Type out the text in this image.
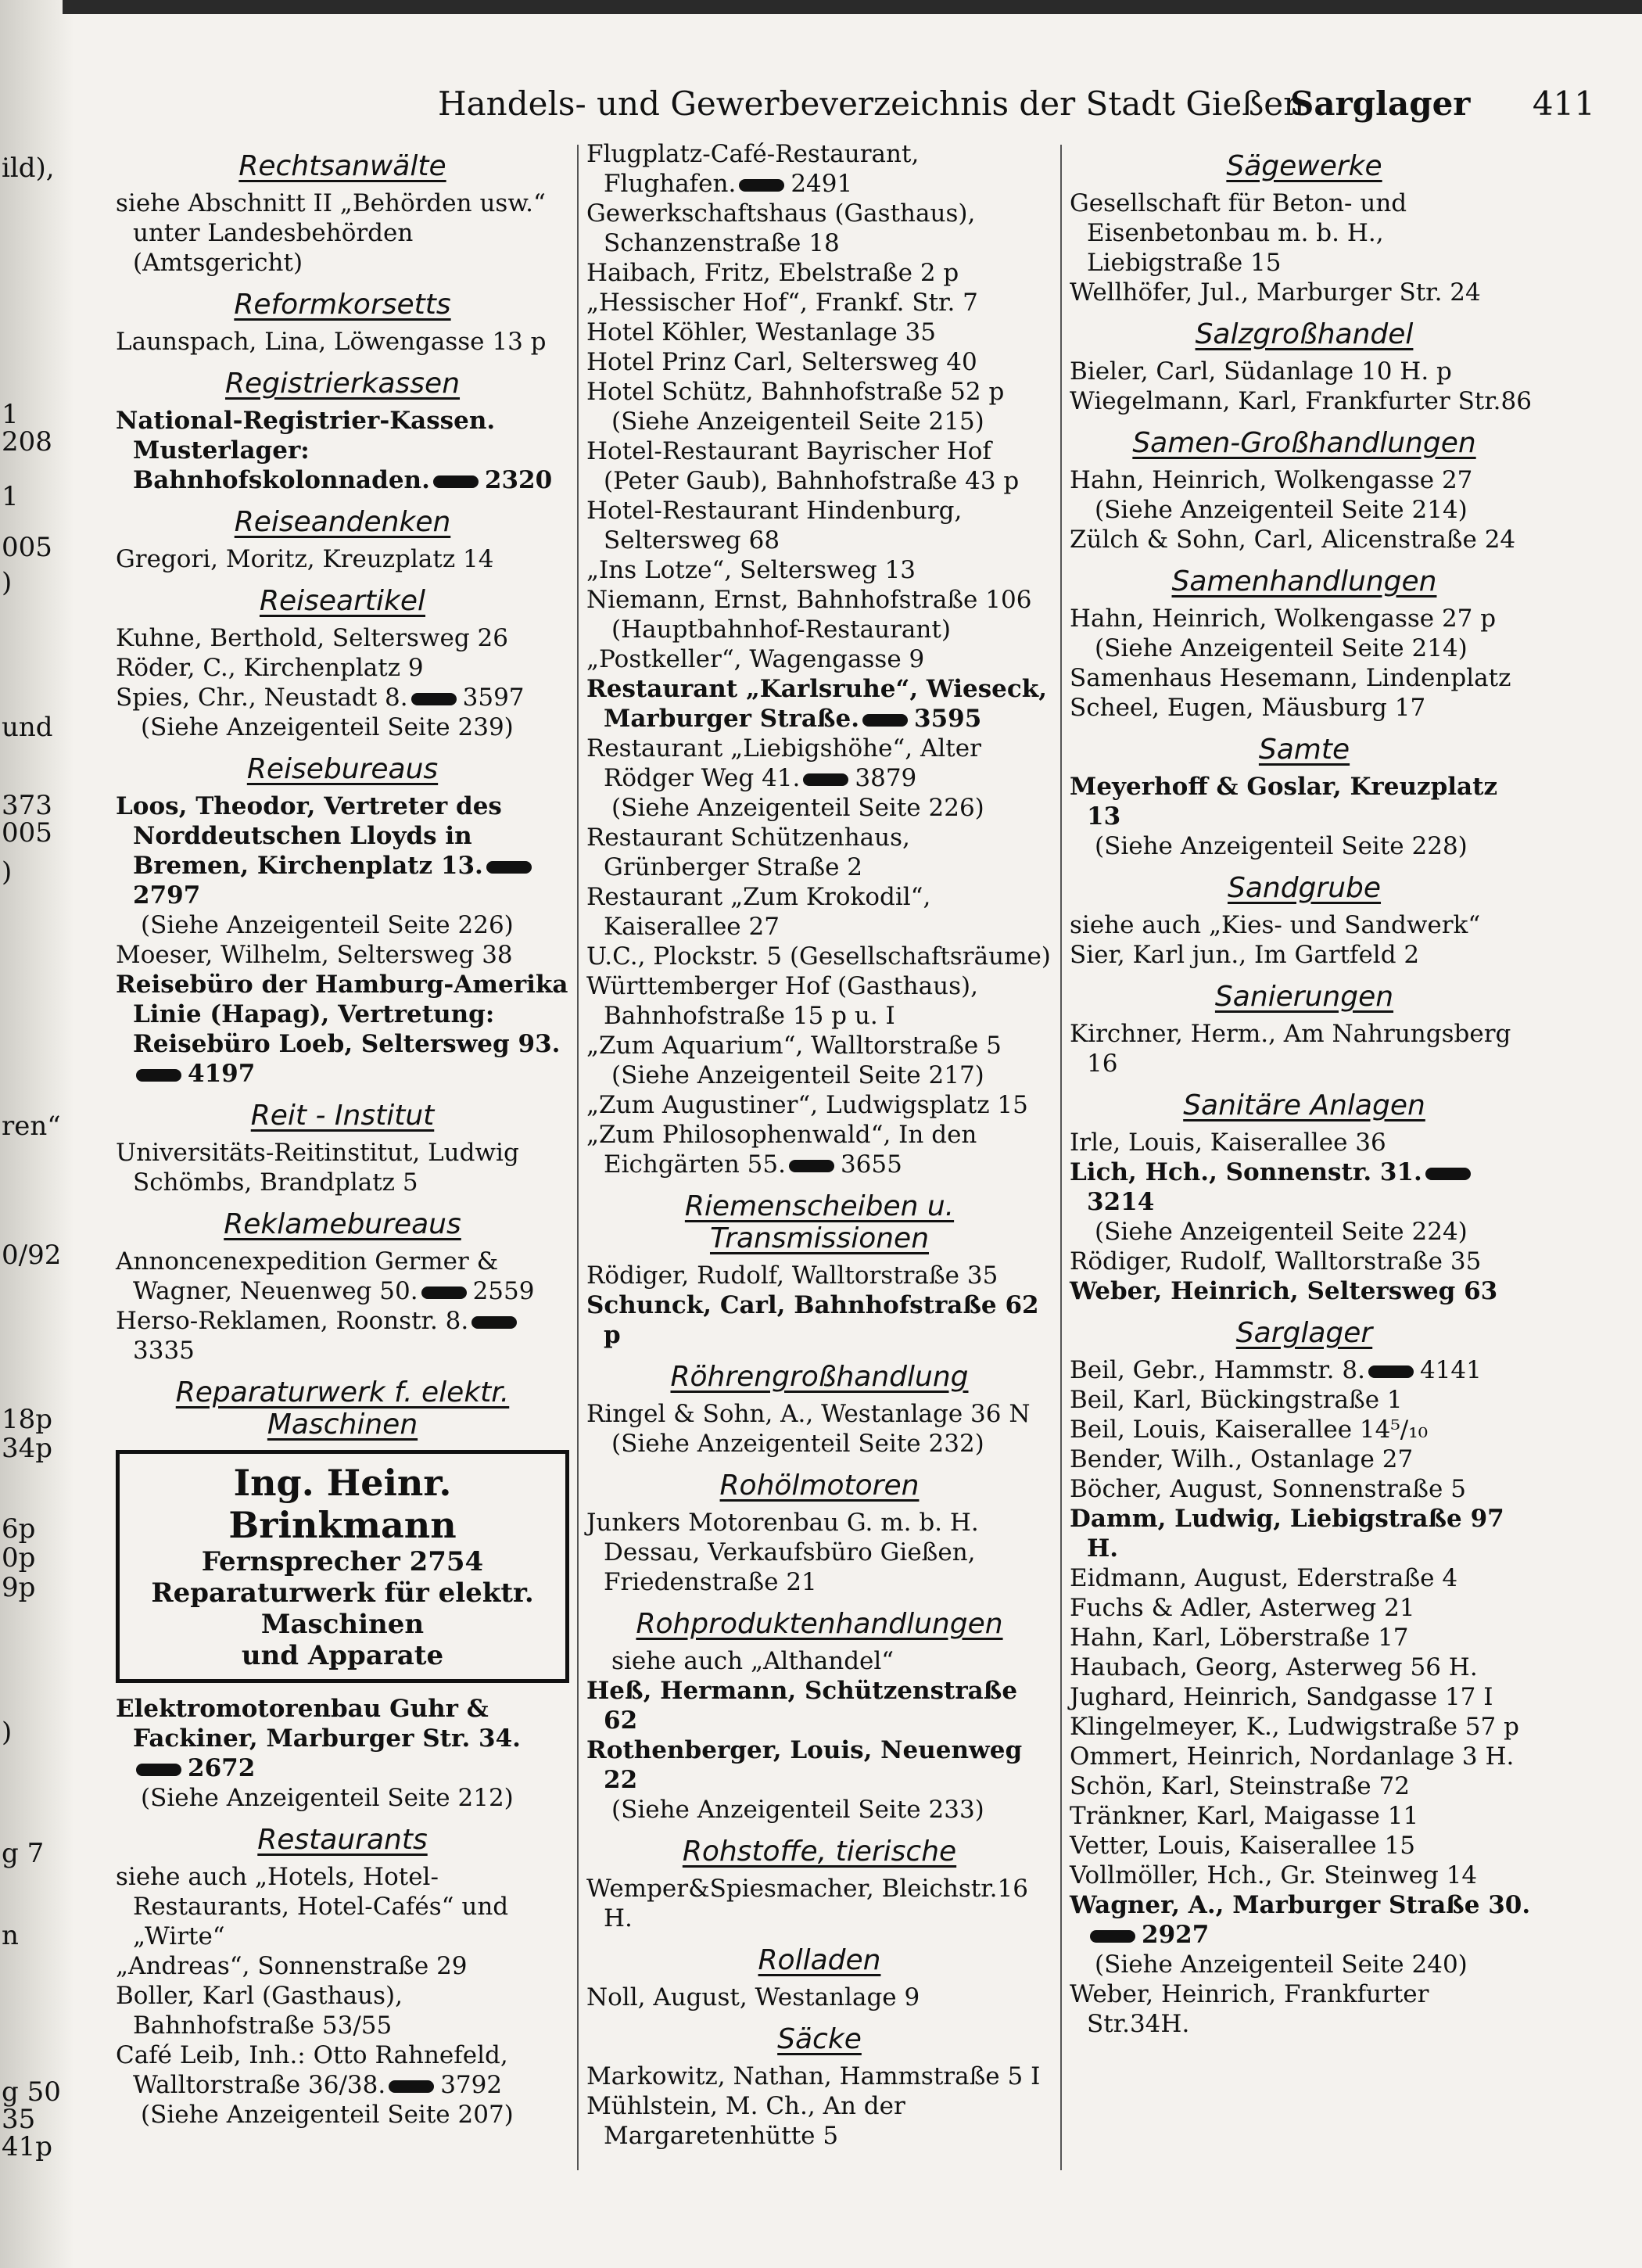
ild),
1
208
1
005
)
und
373
005
)
ren“
0/92
18p
34p
6p
0p
9p
)
g 7
n
g 50
35
41p
Handels- und Gewerbeverzeichnis der Stadt Gießen
Sarglager 411
Rechtsanwälte
siehe Abschnitt II „Behörden usw.“ unter Landesbehörden (Amtsgericht)
Reformkorsetts
Launspach, Lina, Löwengasse 13 p
Registrierkassen
National-Registrier-Kassen. Musterlager: Bahnhofskolonnaden. 2320
Reiseandenken
Gregori, Moritz, Kreuzplatz 14
Reiseartikel
Kuhne, Berthold, Seltersweg 26
Röder, C., Kirchenplatz 9
Spies, Chr., Neustadt 8. 3597
(Siehe Anzeigenteil Seite 239)
Reisebureaus
Loos, Theodor, Vertreter des Norddeutschen Lloyds in Bremen, Kirchenplatz 13.2797
(Siehe Anzeigenteil Seite 226)
Moeser, Wilhelm, Seltersweg 38
Reisebüro der Hamburg-Amerika Linie (Hapag), Vertretung: Reisebüro Loeb, Seltersweg 93.4197
Reit - Institut
Universitäts-Reitinstitut, Ludwig Schömbs, Brandplatz 5
Reklamebureaus
Annoncenexpedition Germer & Wagner, Neuenweg 50. 2559
Herso-Reklamen, Roonstr. 8.3335
Reparaturwerk f. elektr. Maschinen
Ing. Heinr. Brinkmann
Fernsprecher 2754
Reparaturwerk für elektr. Maschinen
und Apparate
Elektromotorenbau Guhr & Fackiner, Marburger Str. 34.2672
(Siehe Anzeigenteil Seite 212)
Restaurants
siehe auch „Hotels, Hotel-Restaurants, Hotel-Cafés“ und „Wirte“
„Andreas“, Sonnenstraße 29
Boller, Karl (Gasthaus), Bahnhofstraße 53/55
Café Leib, Inh.: Otto Rahnefeld, Walltorstraße 36/38. 3792
(Siehe Anzeigenteil Seite 207)
Flugplatz-Café-Restaurant, Flughafen. 2491
Gewerkschaftshaus (Gasthaus), Schanzenstraße 18
Haibach, Fritz, Ebelstraße 2 p
„Hessischer Hof“, Frankf. Str. 7
Hotel Köhler, Westanlage 35
Hotel Prinz Carl, Seltersweg 40
Hotel Schütz, Bahnhofstraße 52 p
(Siehe Anzeigenteil Seite 215)
Hotel-Restaurant Bayrischer Hof (Peter Gaub), Bahnhofstraße 43 p
Hotel-Restaurant Hindenburg, Seltersweg 68
„Ins Lotze“, Seltersweg 13
Niemann, Ernst, Bahnhofstraße 106
(Hauptbahnhof-Restaurant)
„Postkeller“, Wagengasse 9
Restaurant „Karlsruhe“, Wieseck, Marburger Straße. 3595
Restaurant „Liebigshöhe“, Alter Rödger Weg 41. 3879
(Siehe Anzeigenteil Seite 226)
Restaurant Schützenhaus, Grünberger Straße 2
Restaurant „Zum Krokodil“, Kaiserallee 27
U.C., Plockstr. 5 (Gesellschaftsräume)
Württemberger Hof (Gasthaus), Bahnhofstraße 15 p u. I
„Zum Aquarium“, Walltorstraße 5
(Siehe Anzeigenteil Seite 217)
„Zum Augustiner“, Ludwigsplatz 15
„Zum Philosophenwald“, In den Eichgärten 55. 3655
Riemenscheiben u. Transmissionen
Rödiger, Rudolf, Walltorstraße 35
Schunck, Carl, Bahnhofstraße 62 p
Röhrengroßhandlung
Ringel & Sohn, A., Westanlage 36 N
(Siehe Anzeigenteil Seite 232)
Rohölmotoren
Junkers Motorenbau G. m. b. H. Dessau, Verkaufsbüro Gießen, Friedenstraße 21
Rohproduktenhandlungen
siehe auch „Althandel“
Heß, Hermann, Schützenstraße 62
Rothenberger, Louis, Neuenweg 22
(Siehe Anzeigenteil Seite 233)
Rohstoffe, tierische
Wemper&Spiesmacher, Bleichstr.16 H.
Rolladen
Noll, August, Westanlage 9
Säcke
Markowitz, Nathan, Hammstraße 5 I
Mühlstein, M. Ch., An der Margaretenhütte 5
Sägewerke
Gesellschaft für Beton- und Eisenbetonbau m. b. H., Liebigstraße 15
Wellhöfer, Jul., Marburger Str. 24
Salzgroßhandel
Bieler, Carl, Südanlage 10 H. p
Wiegelmann, Karl, Frankfurter Str.86
Samen-Großhandlungen
Hahn, Heinrich, Wolkengasse 27
(Siehe Anzeigenteil Seite 214)
Zülch & Sohn, Carl, Alicenstraße 24
Samenhandlungen
Hahn, Heinrich, Wolkengasse 27 p
(Siehe Anzeigenteil Seite 214)
Samenhaus Hesemann, Lindenplatz
Scheel, Eugen, Mäusburg 17
Samte
Meyerhoff & Goslar, Kreuzplatz 13
(Siehe Anzeigenteil Seite 228)
Sandgrube
siehe auch „Kies- und Sandwerk“
Sier, Karl jun., Im Gartfeld 2
Sanierungen
Kirchner, Herm., Am Nahrungsberg 16
Sanitäre Anlagen
Irle, Louis, Kaiserallee 36
Lich, Hch., Sonnenstr. 31.3214
(Siehe Anzeigenteil Seite 224)
Rödiger, Rudolf, Walltorstraße 35
Weber, Heinrich, Seltersweg 63
Sarglager
Beil, Gebr., Hammstr. 8. 4141
Beil, Karl, Bückingstraße 1
Beil, Louis, Kaiserallee 14⁵/₁₀
Bender, Wilh., Ostanlage 27
Böcher, August, Sonnenstraße 5
Damm, Ludwig, Liebigstraße 97 H.
Eidmann, August, Ederstraße 4
Fuchs & Adler, Asterweg 21
Hahn, Karl, Löberstraße 17
Haubach, Georg, Asterweg 56 H.
Jughard, Heinrich, Sandgasse 17 I
Klingelmeyer, K., Ludwigstraße 57 p
Ommert, Heinrich, Nordanlage 3 H.
Schön, Karl, Steinstraße 72
Tränkner, Karl, Maigasse 11
Vetter, Louis, Kaiserallee 15
Vollmöller, Hch., Gr. Steinweg 14
Wagner, A., Marburger Straße 30.2927
(Siehe Anzeigenteil Seite 240)
Weber, Heinrich, Frankfurter Str.34H.
